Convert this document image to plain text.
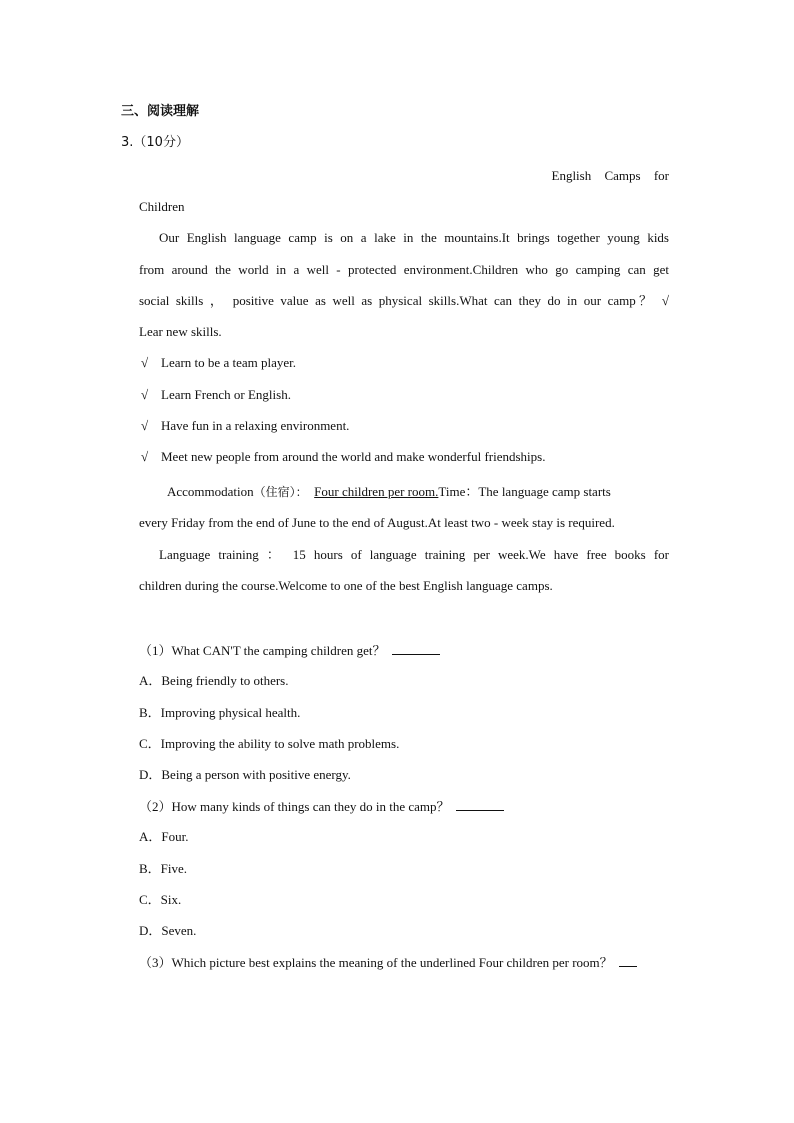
三、阅读理解
3.（10分）
English Camps for
Children
Our English language camp is on a lake in the mountains.It brings together young kids
from around the world in a well - protected environment.Children who go camping can get
social skills ， positive value as well as physical skills.What can they do in our camp？ √
Lear new skills.
√ Learn to be a team player.
√ Learn French or English.
√ Have fun in a relaxing environment.
√ Meet new people from around the world and make wonderful friendships.
Accommodation（住宿）： Four children per room.Time：The language camp starts
every Friday from the end of June to the end of August.At least two - week stay is required.
Language training ： 15 hours of language training per week.We have free books for
children during the course.Welcome to one of the best English language camps.
（1）What CAN'T the camping children get？
A．Being friendly to others.
B．Improving physical health.
C．Improving the ability to solve math problems.
D．Being a person with positive energy.
（2）How many kinds of things can they do in the camp？
A．Four.
B．Five.
C．Six.
D．Seven.
（3）Which picture best explains the meaning of the underlined Four children per room？
